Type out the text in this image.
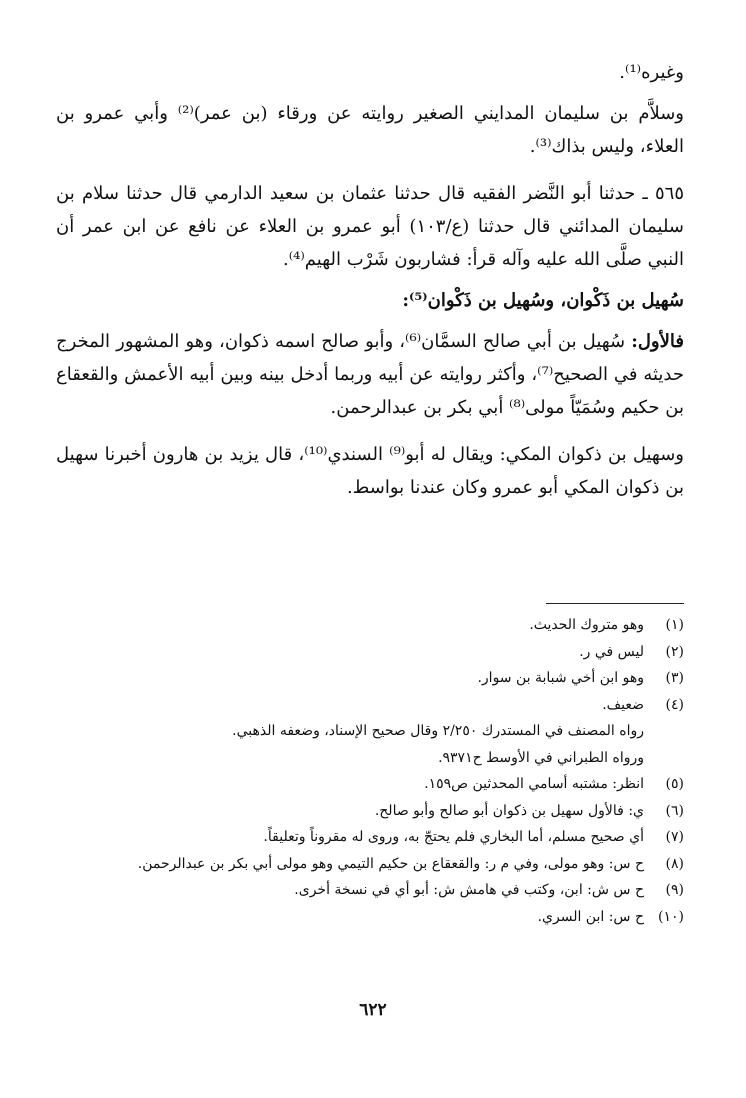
وغيره⁽¹⁾.

وسلاَّم بن سليمان المدايني الصغير روايته عن ورقاء (بن عمر)⁽²⁾ وأبي عمرو بن العلاء، وليس بذاك⁽³⁾.

٥٦٥ ـ حدثنا أبو النَّضر الفقيه قال حدثنا عثمان بن سعيد الدارمي قال حدثنا سلام بن سليمان المدائني قال حدثنا (ع/١٠٣) أبو عمرو بن العلاء عن نافع عن ابن عمر أن النبي صلَّى الله عليه وآله قرأ: فشاربون شَرْب الهيم⁽⁴⁾.

سُهيل بن ذَكْوان، وسُهيل بن ذَكْوان⁽⁵⁾:

فالأول: سُهيل بن أبي صالح السمَّان⁽⁶⁾، وأبو صالح اسمه ذكوان، وهو المشهور المخرج حديثه في الصحيح⁽⁷⁾، وأكثر روايته عن أبيه وربما أدخل بينه وبين أبيه الأعمش والقعقاع بن حكيم وسُمَيّاً مولى⁽⁸⁾ أبي بكر بن عبدالرحمن.

وسهيل بن ذكوان المكي: ويقال له أبو⁽⁹⁾ السندي⁽¹⁰⁾، قال يزيد بن هارون أخبرنا سهيل بن ذكوان المكي أبو عمرو وكان عندنا بواسط.

(١)
وهو متروك الحديث.
(٢)
ليس في ر.
(٣)
وهو ابن أخي شبابة بن سوار.
(٤)
ضعيف.
رواه المصنف في المستدرك ٢/٢٥٠ وقال صحيح الإسناد، وضعفه الذهبي.
ورواه الطبراني في الأوسط ح٩٣٧١.
(٥)
انظر: مشتبه أسامي المحدثين ص١٥٩.
(٦)
ي: فالأول سهيل بن ذكوان أبو صالح وأبو صالح.
(٧)
أي صحيح مسلم، أما البخاري فلم يحتجّ به، وروى له مقروناً وتعليقاً.
(٨)
ح س: وهو مولى، وفي م ر: والقعقاع بن حكيم التيمي وهو مولى أبي بكر بن عبدالرحمن.
(٩)
ح س ش: ابن، وكتب في هامش ش: أبو أي في نسخة أخرى.
(١٠)
ح س: ابن السري.
٦٢٢
